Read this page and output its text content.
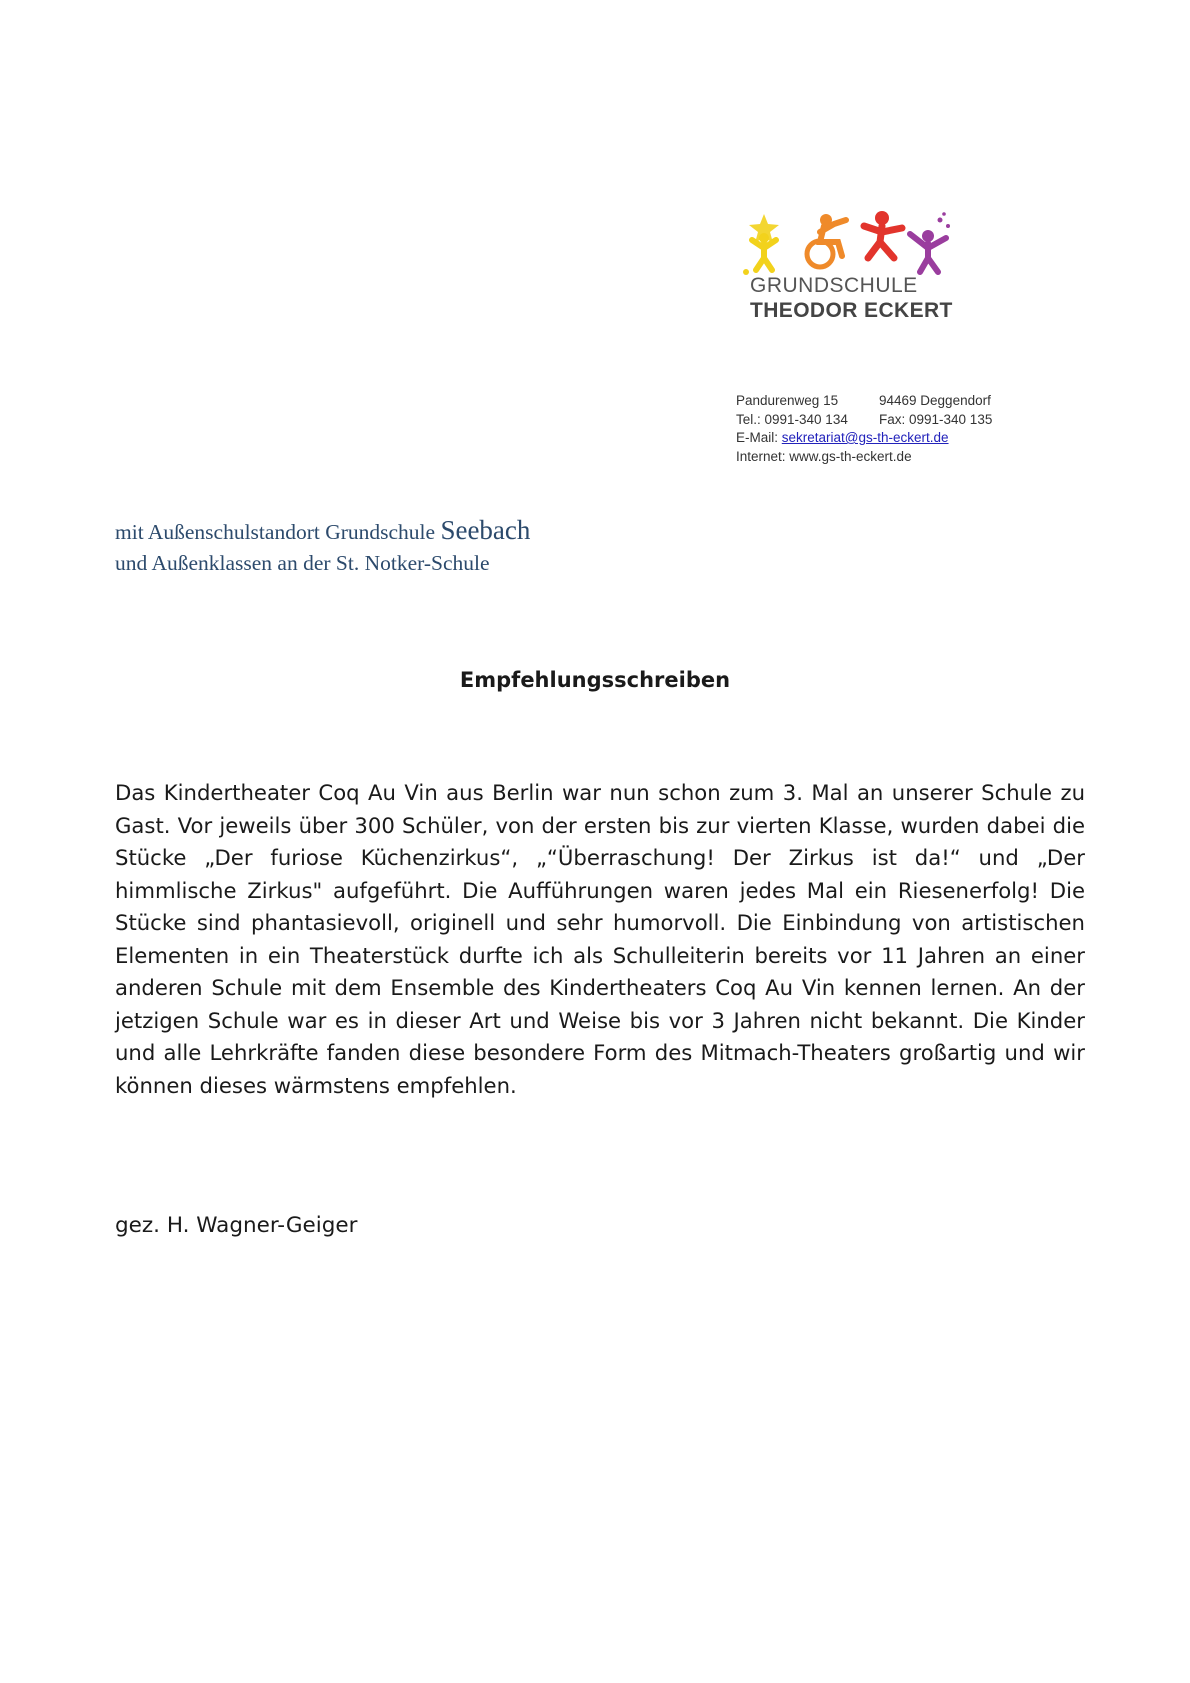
GRUNDSCHULE
THEODOR ECKERT
Pandurenweg 15	94469 Deggendorf
Tel.: 0991-340 134 Fax: 0991-340 135
E-Mail: sekretariat@gs-th-eckert.de
Internet: www.gs-th-eckert.de
mit Außenschulstandort Grundschule Seebach
und Außenklassen an der St. Notker-Schule
Empfehlungsschreiben
Das Kindertheater Coq Au Vin aus Berlin war nun schon zum 3. Mal an unserer Schule zu Gast. Vor jeweils über 300 Schüler, von der ersten bis zur vierten Klasse, wurden dabei die Stücke „Der furiose Küchenzirkus“, „“Überraschung! Der Zirkus ist da!“ und „Der himmlische Zirkus" aufgeführt. Die Aufführungen waren jedes Mal ein Riesenerfolg! Die Stücke sind phantasievoll, originell und sehr humorvoll. Die Einbindung von artistischen Elementen in ein Theaterstück durfte ich als Schulleiterin bereits vor 11 Jahren an einer anderen Schule mit dem Ensemble des Kindertheaters Coq Au Vin kennen lernen. An der jetzigen Schule war es in dieser Art und Weise bis vor 3 Jahren nicht bekannt. Die Kinder und alle Lehrkräfte fanden diese besondere Form des Mitmach-Theaters großartig und wir können dieses wärmstens empfehlen.
gez. H. Wagner-Geiger
